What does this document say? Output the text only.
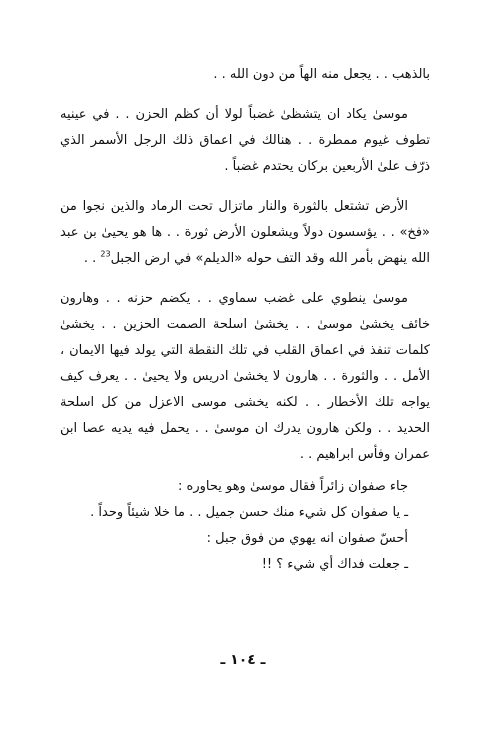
بالذهب . . يجعل منه الهاً من دون الله . .

موسىٰ يكاد ان يتشظىٰ غضباً لولا أن كظم الحزن . . في عينيه تطوف غيوم ممطرة . . هنالك في اعماق ذلك الرجل الأسمر الذي ذرّف علىٰ الأربعين بركان يحتدم غضباً .

الأرض تشتعل بالثورة والنار ماتزال تحت الرماد والذين نجوا من «فخ» . . يؤسسون دولاً ويشعلون الأرض ثورة . . ها هو يحيىٰ بن عبد الله ينهض بأمر الله وقد التف حوله «الديلم» في ارض الجبل$^{23}$ . .

موسىٰ ينطوي على غضب سماوي . . يكضم حزنه . . وهارون خائف يخشىٰ موسىٰ . . يخشىٰ اسلحة الصمت الحزين . . يخشىٰ كلمات تنفذ في اعماق القلب في تلك النقطة التي يولد فيها الايمان ، الأمل . . والثورة . . هارون لا يخشىٰ ادريس ولا يحيىٰ . . يعرف كيف يواجه تلك الأخطار . . لكنه يخشى موسى الاعزل من كل اسلحة الحديد . . ولكن هارون يدرك ان موسىٰ . . يحمل فيه يديه عصا ابن عمران وفأس ابراهيم . .

جاء صفوان زائراً فقال موسىٰ وهو يحاوره :

ـ يا صفوان كل شيء منك حسن جميل . . ما خلا شيئاً وحداً .

أحسّ صفوان انه يهوي من فوق جبل :

ـ جعلت فداك أي شيء ؟ !!

ـ ١٠٤ ـ
